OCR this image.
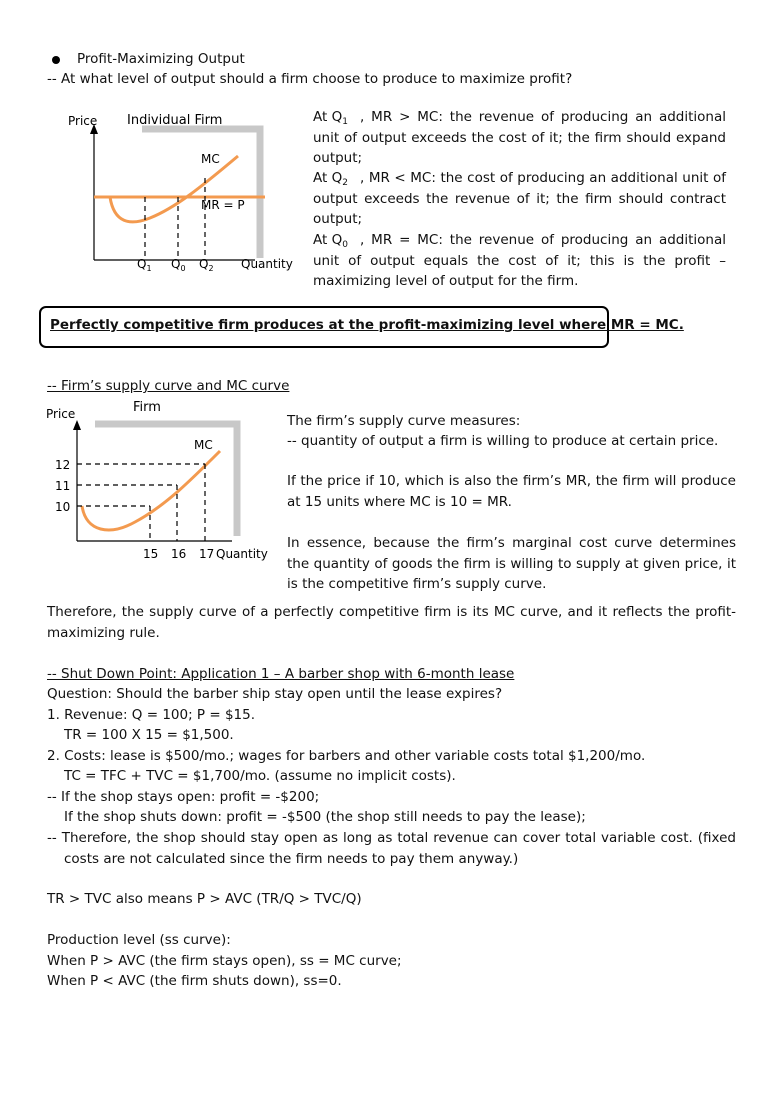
Profit-Maximizing Output
-- At what level of output should a firm choose to produce to maximize profit?
Price Individual Firm
MC
MR = P
Quantity
$Q_1$ $Q_0$ $Q_2$
At $Q_1$ , MR > MC: the revenue of producing an additional unit of output exceeds the cost of it; the firm should expand output;
At $Q_2$ , MR < MC: the cost of producing an additional unit of output exceeds the revenue of it; the firm should contract output;
At $Q_0$ , MR = MC: the revenue of producing an additional unit of output equals the cost of it; this is the profit – maximizing level of output for the firm.
Perfectly competitive firm produces at the profit-maximizing level where MR = MC.
-- Firm’s supply curve and MC curve
Price	Firm
MC
12
11
10
15 16 17 Quantity
The firm’s supply curve measures:
-- quantity of output a firm is willing to produce at certain price.
If the price if 10, which is also the firm’s MR, the firm will produce at 15 units where MC is 10 = MR.
In essence, because the firm’s marginal cost curve determines the quantity of goods the firm is willing to supply at given price, it is the competitive firm’s supply curve.
Therefore, the supply curve of a perfectly competitive firm is its MC curve, and it reflects the profit-maximizing rule.
-- Shut Down Point: Application 1 – A barber shop with 6-month lease
Question: Should the barber ship stay open until the lease expires?
1. Revenue: Q = 100; P = $15.
TR = 100 X 15 = $1,500.
2. Costs: lease is $500/mo.; wages for barbers and other variable costs total $1,200/mo.
TC = TFC + TVC = $1,700/mo. (assume no implicit costs).
-- If the shop stays open: profit = -$200;
If the shop shuts down: profit = -$500 (the shop still needs to pay the lease);
-- Therefore, the shop should stay open as long as total revenue can cover total variable cost. (fixed costs are not calculated since the firm needs to pay them anyway.)
TR > TVC also means P > AVC (TR/Q > TVC/Q)
Production level (ss curve):
When P > AVC (the firm stays open), ss = MC curve;
When P < AVC (the firm shuts down), ss=0.
